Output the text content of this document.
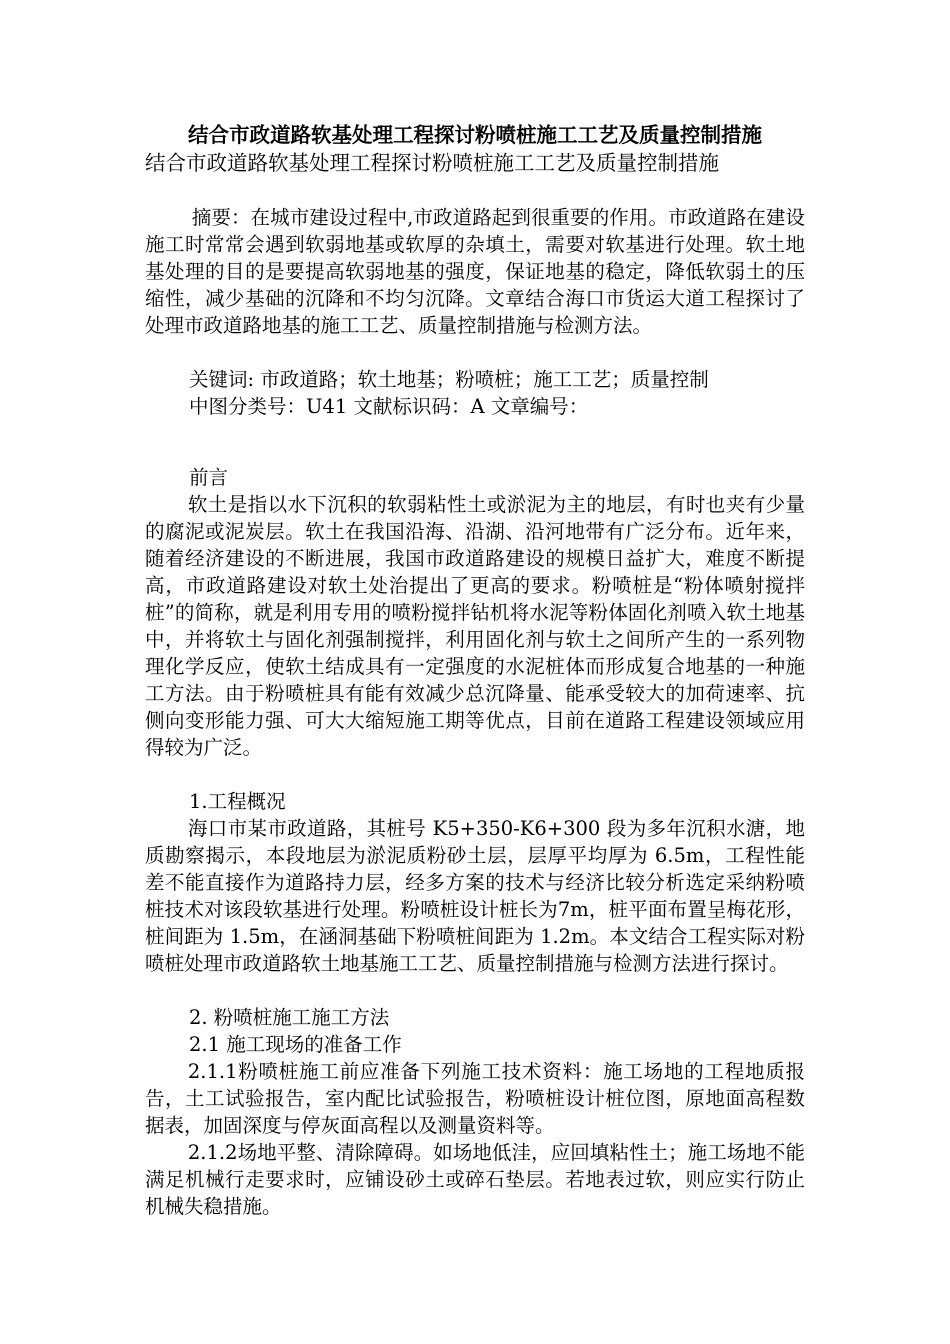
结合市政道路软基处理工程探讨粉喷桩施工工艺及质量控制措施
结合市政道路软基处理工程探讨粉喷桩施工工艺及质量控制措施

摘要：在城市建设过程中,市政道路起到很重要的作用。市政道路在建设施工时常常会遇到软弱地基或软厚的杂填土，需要对软基进行处理。软土地基处理的目的是要提高软弱地基的强度，保证地基的稳定，降低软弱土的压缩性，减少基础的沉降和不均匀沉降。文章结合海口市货运大道工程探讨了处理市政道路地基的施工工艺、质量控制措施与检测方法。

关键词: 市政道路；软土地基；粉喷桩；施工工艺；质量控制

中图分类号：U41 文献标识码：A 文章编号：

前言

软土是指以水下沉积的软弱粘性土或淤泥为主的地层，有时也夹有少量的腐泥或泥炭层。软土在我国沿海、沿湖、沿河地带有广泛分布。近年来，随着经济建设的不断进展，我国市政道路建设的规模日益扩大，难度不断提高，市政道路建设对软土处治提出了更高的要求。粉喷桩是“粉体喷射搅拌桩”的简称，就是利用专用的喷粉搅拌钻机将水泥等粉体固化剂喷入软土地基中，并将软土与固化剂强制搅拌，利用固化剂与软土之间所产生的一系列物理化学反应，使软土结成具有一定强度的水泥桩体而形成复合地基的一种施工方法。由于粉喷桩具有能有效减少总沉降量、能承受较大的加荷速率、抗侧向变形能力强、可大大缩短施工期等优点，目前在道路工程建设领域应用得较为广泛。

1.工程概况

海口市某市政道路，其桩号 K5+350-K6+300 段为多年沉积水溏，地质勘察揭示，本段地层为淤泥质粉砂土层，层厚平均厚为 6.5m，工程性能差不能直接作为道路持力层，经多方案的技术与经济比较分析选定采纳粉喷桩技术对该段软基进行处理。粉喷桩设计桩长为7m，桩平面布置呈梅花形，桩间距为 1.5m，在涵洞基础下粉喷桩间距为 1.2m。本文结合工程实际对粉喷桩处理市政道路软土地基施工工艺、质量控制措施与检测方法进行探讨。

2. 粉喷桩施工施工方法

2.1 施工现场的准备工作

2.1.1粉喷桩施工前应准备下列施工技术资料：施工场地的工程地质报告，土工试验报告，室内配比试验报告，粉喷桩设计桩位图，原地面高程数据表，加固深度与停灰面高程以及测量资料等。

2.1.2场地平整、清除障碍。如场地低洼，应回填粘性土；施工场地不能满足机械行走要求时，应铺设砂土或碎石垫层。若地表过软，则应实行防止机械失稳措施。
